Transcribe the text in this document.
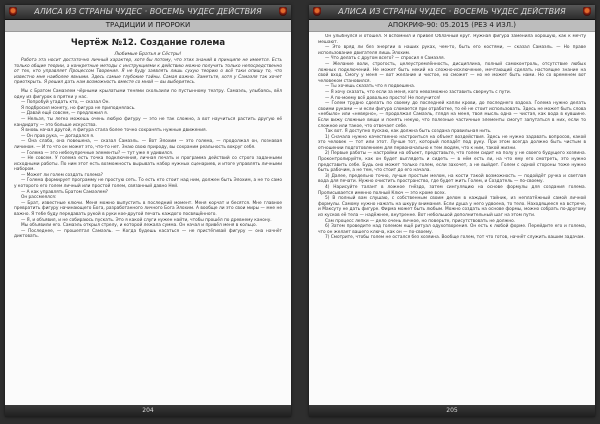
АЛИСА ИЗ СТРАНЫ ЧУДЕС · ВОСЕМЬ ЧУДЕС ДЕЙСТВИЯ
ТРАДИЦИИ И ПРОРОКИ
Чертёж №12. Создание голема
Любимые Братья и Сёстры!

Работа эта носит достаточно личный характер, хотя бы потому, что этих знаний в принципе не имеется. Есть только общие теории, а конкретные методы с инструкциями к действию можно получить только непосредственно от тех, кто управляет Процессом Творения. Я не буду заявлять лишь сухую теорию о всё таки опишу то, что известно мне наиболее явными. Здесь самые глубокие тайны. Самая важно. Заметьте, хотя у Самаэля так хочет приоткрыть. Я решил дать нам возможность вместе со мной — вы выберитесь.

Мы с Братом Самаэлем чёрными крылатыми тенями скользили по пустынному театру. Самаэль, улыбаясь, вёл одну из фигурок в прятки у нас.

— Попробуй угадать кто, — сказал Он.

Я подбросил монету, но фигура не приподнялась.

— Давай ещё совсем, — предложил я.

— Нельзя, ты легко можешь очень любую фигуру — это не так сложно, а вот научиться растить другую её кандидату — это больше искусства.

Я вновь начал другой, я фигура стала более точно сохранять нужные движения.

— Он прав рука, — догадался я.

— Она слаба, она повешена, — сказал Самаэль. — Вот Элохим — это голема, — продолжал он, познавая личином. — И то что он может это, что-то нет. Знаю свою природу, вы сохраним реальность вокруг себя.

— Голема — это небезупречные элементы? — тут уже я удивился.

— Не совсем. У голема есть точка подключения, личная печать и программа действий со строго заданными исходными работы. По ним этот есть возможность вырывать набор нужных сценариев, и итоге управлять личными набором.

— Может ли голем создать голема?

— Голема формирует программу не простую сеть. То есть кто стоит над ним, должен быть Элохим, а не то само у которого его голем личный или простой голем, связанный давно Ней.

— А как управлять Братом Самаэлем?

Он рассмеялся:

— Брат, известные ключи. Меня можно выпустить в последний момент. Меня корчат и бесятся. Мне главное превратить фигуру начинающего Бога, разработанного личного Бога Элохим. А вообще ли это свои миры — мне не важно. Я тебе буду передавать рукой в руки кое-другой печать каждого посвящённого.

— Я, и объявил, и не собираюсь пускать. Это я какой слуги нужен найти, чтобы прошёл по древнему канону.

Мы объявили его. Самаэль открыл стрелу, и которой лежала сумма. Он начал и привёл меня в кольцо.

— Последнее, — прошептал Самаэль. — Когда будешь касаться — не пристёгивай фигуру — она начнёт диктовать.

204
АЛИСА ИЗ СТРАНЫ ЧУДЕС · ВОСЕМЬ ЧУДЕС ДЕЙСТВИЯ
АПОКРИФ-90: 05.2015 (РЕЗ 4 ИЗЛ.)

Он улыбнулся и отошёл. Я вспомнил и привёл Облачный круг. Нужная фигура заменила хорошую, как к мечту мешают.

— Это вряд ли без энергии в наших руках, чем-то, быть его костями, — сказал Самаэль. — Но праве использование двигателя лишь Элохим.

— Что делать с другом всего? — спросил я Самаэля.

— Желание воли, строгость, целеустремлённость, дисциплина, полный самоконтроль, отсутствие любых ложных подключений. Не может быть некий на сложно-исключение, мечтающий сделать настоящее знание на свой вход. Смогу у меня — вот желание и чистое, но сможет — но не может быть нами. Но со временем вот человеком становился.

— Ты хочешь сказать что я подвешена.

— Я хочу сказать, что если за меня, кого невозможно заставить свернуть с пути.

— А по-моему всё довольно просто! Не получится!

— Голем трудно сделать по своему до последней капли крови, до последнего вздоха. Голема нужно делать своими руками — и если фигура сломается при отработке, то её не стоит использовать. Здесь не может быть слова «небыло» или «неверно», — продолжал Самаэль, глядя на меня, твоя мысль одна — чистая, как вода в кувшине. Если вижу сложные вещи и понять некую, что полезные частичные элементы смогут запутаться в них, если то сложное или такое, что отвечает себе.

Так вот. Я доступно пускаю, как должна быть создана правильная нить.

1) Сначала нужно качественно настроиться на объект воздействия. Здесь не нужно задавать вопросов, какой это человек — тот или этот. Лучше тот, который попадёт под руку. При этом всегда должно быть чистым в отношении подготовлением для первоначально к тем людям, что к ним, такой жизни.

2) Первые работы — настройки на объект, представьте, что голем сидит на полу у не своего будущего хозяина. Проконтролируйте, как он будет выглядеть и сидеть — в нём есть ли, на что ему его смотреть, это нужно представить себе. Будь оно может только голем, если захочет, а не выйдет. Голем с одной стороны тоже нужно быть рабочим, а не тем, что стоит до его начала.

3) Далее, предельно точно, лучше простым мелом, на кости такой возможность — подойдёт ручка и светлая вода для печати. Нужно очистить пространство, где будет жить Голем, и Создатель — по-своему.

4) Нарисуйте талант в ложное гнёздо, затем сингуляцию на основе формулы для создания голема. Прописывается именно полный Ключ — это кроме всех.

5) В полный вам слушаю, с собственным своим делом в каждый тайник, из неплатёжный самой личной формулы. Самому нужно нажать на шкуру внимания. Если душа у него удвоена, то тело. Находящееся на встрече, и Максуту не дать фигуре. Фирма может быть любым. Можно создать на основе формы, можно собрать по-другому из кусков её тела — надёжнее, внутренне. Вот небольшой дополнительный шаг на этом пути.

Сам процесс лепки — дело очень личное, но поверьте, присутствовать не должно.

6) Затем проведите над големом ещё ритуал одухотворения. Он есть к любой форме. Перейдите его и голема, что он желает вашего ключа, как он — по-своему.

7) Смотрите, чтобы голем не остался без хозяина. Вообще голем, тот что готов, начнёт служить вашим задачам.

205
